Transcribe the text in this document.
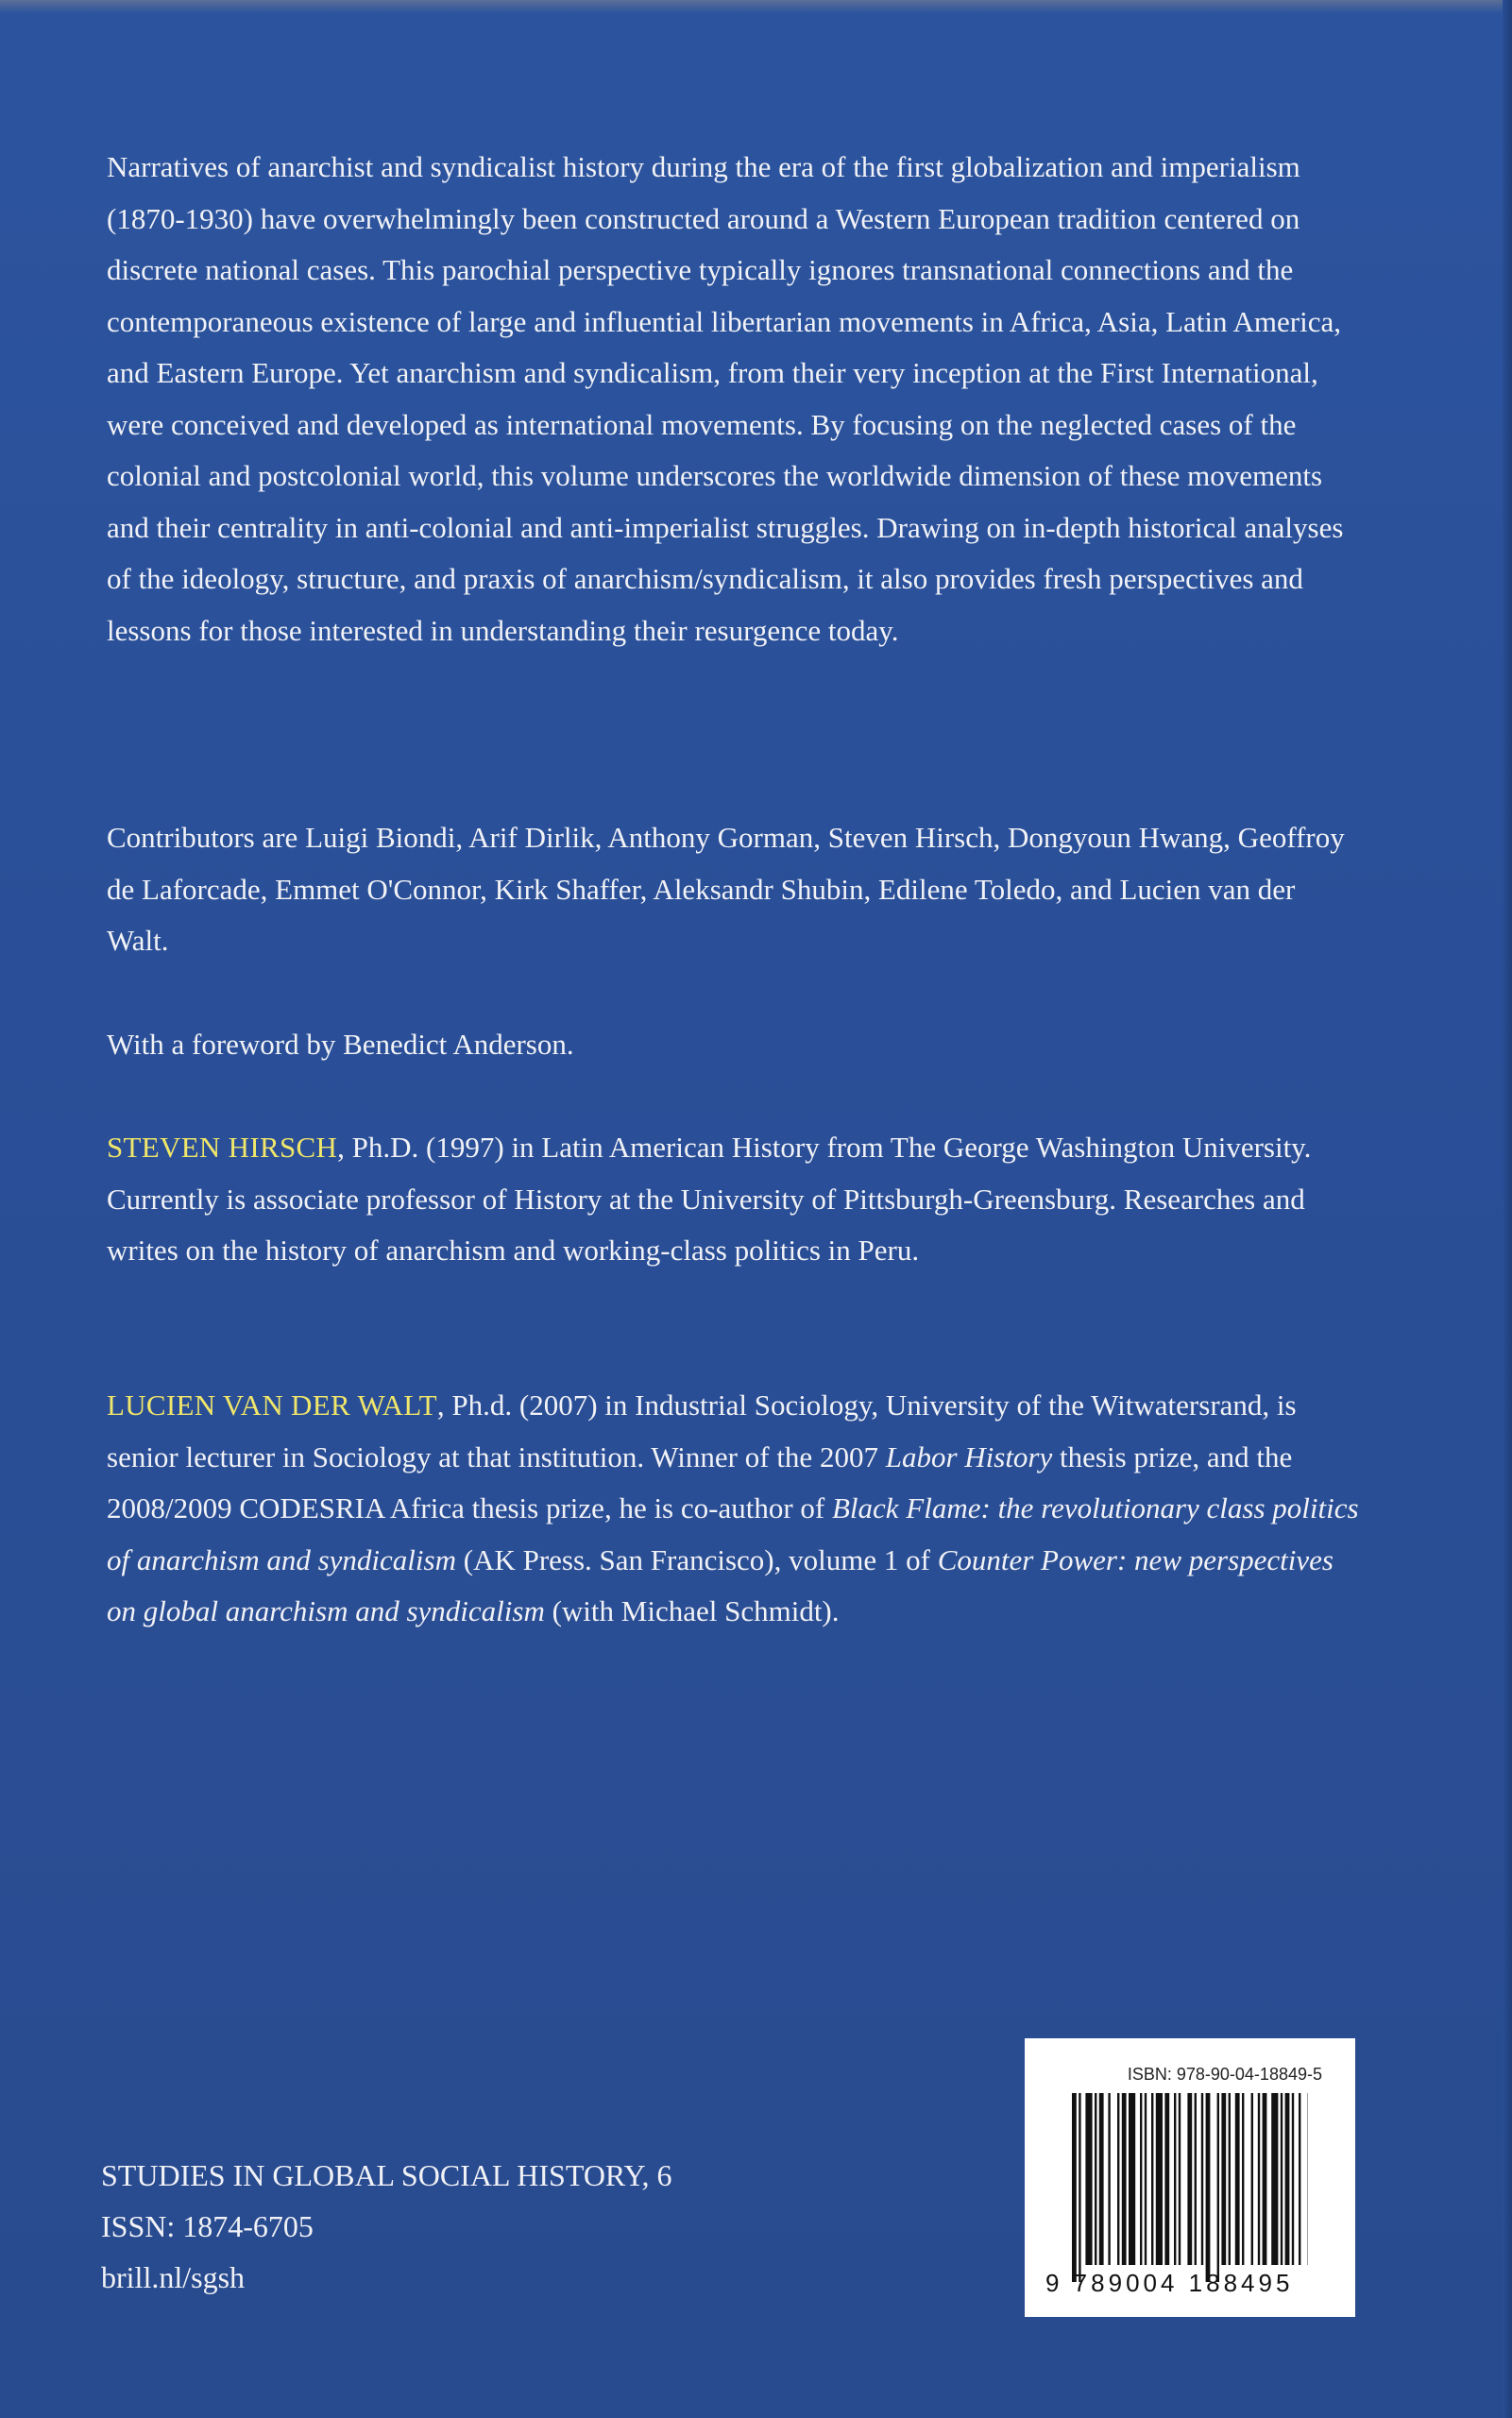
Narratives of anarchist and syndicalist history during the era of the first globalization and imperialism (1870-1930) have overwhelmingly been constructed around a Western European tradition centered on discrete national cases. This parochial perspective typically ignores transnational connections and the contemporaneous existence of large and influential libertarian movements in Africa, Asia, Latin America, and Eastern Europe. Yet anarchism and syndicalism, from their very inception at the First International, were conceived and developed as international movements. By focusing on the neglected cases of the colonial and postcolonial world, this volume underscores the worldwide dimension of these movements and their centrality in anti-colonial and anti-imperialist struggles. Drawing on in-depth historical analyses of the ideology, structure, and praxis of anarchism/syndicalism, it also provides fresh perspectives and lessons for those interested in understanding their resurgence today.

Contributors are Luigi Biondi, Arif Dirlik, Anthony Gorman, Steven Hirsch, Dongyoun Hwang, Geoffroy de Laforcade, Emmet O'Connor, Kirk Shaffer, Aleksandr Shubin, Edilene Toledo, and Lucien van der Walt.

With a foreword by Benedict Anderson.

STEVEN HIRSCH, Ph.D. (1997) in Latin American History from The George Washington University. Currently is associate professor of History at the University of Pittsburgh-Greensburg. Researches and writes on the history of anarchism and working-class politics in Peru.

LUCIEN VAN DER WALT, Ph.d. (2007) in Industrial Sociology, University of the Witwatersrand, is senior lecturer in Sociology at that institution. Winner of the 2007 Labor History thesis prize, and the 2008/2009 CODESRIA Africa thesis prize, he is co-author of Black Flame: the revolutionary class politics of anarchism and syndicalism (AK Press. San Francisco), volume 1 of Counter Power: new perspectives on global anarchism and syndicalism (with Michael Schmidt).

STUDIES IN GLOBAL SOCIAL HISTORY, 6
ISSN: 1874-6705
brill.nl/sgsh
ISBN: 978-90-04-18849-5
9 789004 188495
